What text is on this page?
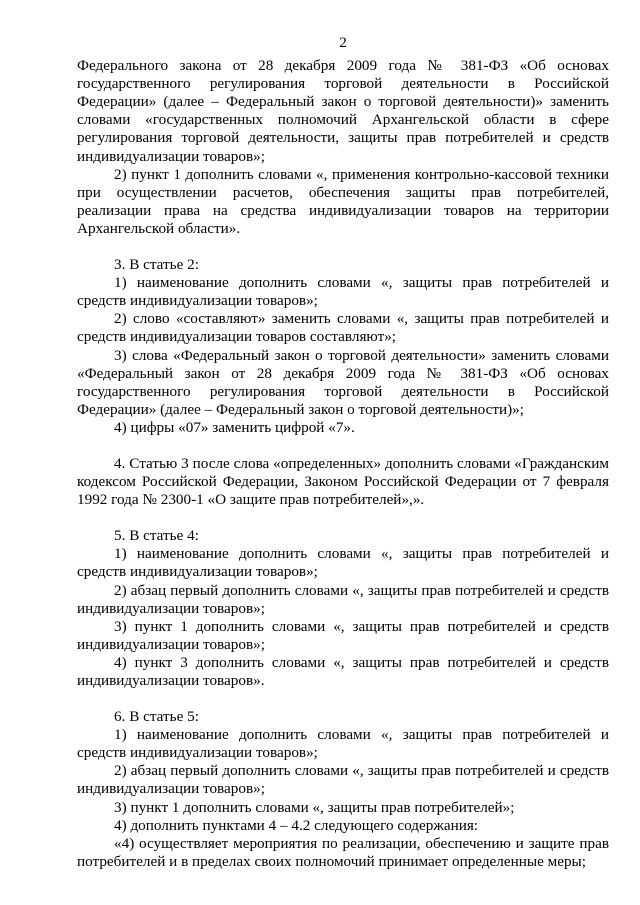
2

Федерального закона от 28 декабря 2009 года № 381-ФЗ «Об основах государственного регулирования торговой деятельности в Российской Федерации» (далее – Федеральный закон о торговой деятельности)» заменить словами «государственных полномочий Архангельской области в сфере регулирования торговой деятельности, защиты прав потребителей и средств индивидуализации товаров»;

2) пункт 1 дополнить словами «, применения контрольно-кассовой техники при осуществлении расчетов, обеспечения защиты прав потребителей, реализации права на средства индивидуализации товаров на территории Архангельской области».

3. В статье 2:

1) наименование дополнить словами «, защиты прав потребителей и средств индивидуализации товаров»;

2) слово «составляют» заменить словами «, защиты прав потребителей и средств индивидуализации товаров составляют»;

3) слова «Федеральный закон о торговой деятельности» заменить словами «Федеральный закон от 28 декабря 2009 года № 381-ФЗ «Об основах государственного регулирования торговой деятельности в Российской Федерации» (далее – Федеральный закон о торговой деятельности)»;

4) цифры «07» заменить цифрой «7».

4. Статью 3 после слова «определенных» дополнить словами «Гражданским кодексом Российской Федерации, Законом Российской Федерации от 7 февраля 1992 года № 2300-1 «О защите прав потребителей»,».

5. В статье 4:

1) наименование дополнить словами «, защиты прав потребителей и средств индивидуализации товаров»;

2) абзац первый дополнить словами «, защиты прав потребителей и средств индивидуализации товаров»;

3) пункт 1 дополнить словами «, защиты прав потребителей и средств индивидуализации товаров»;

4) пункт 3 дополнить словами «, защиты прав потребителей и средств индивидуализации товаров».

6. В статье 5:

1) наименование дополнить словами «, защиты прав потребителей и средств индивидуализации товаров»;

2) абзац первый дополнить словами «, защиты прав потребителей и средств индивидуализации товаров»;

3) пункт 1 дополнить словами «, защиты прав потребителей»;

4) дополнить пунктами 4 – 4.2 следующего содержания:

«4) осуществляет мероприятия по реализации, обеспечению и защите прав потребителей и в пределах своих полномочий принимает определенные меры;
